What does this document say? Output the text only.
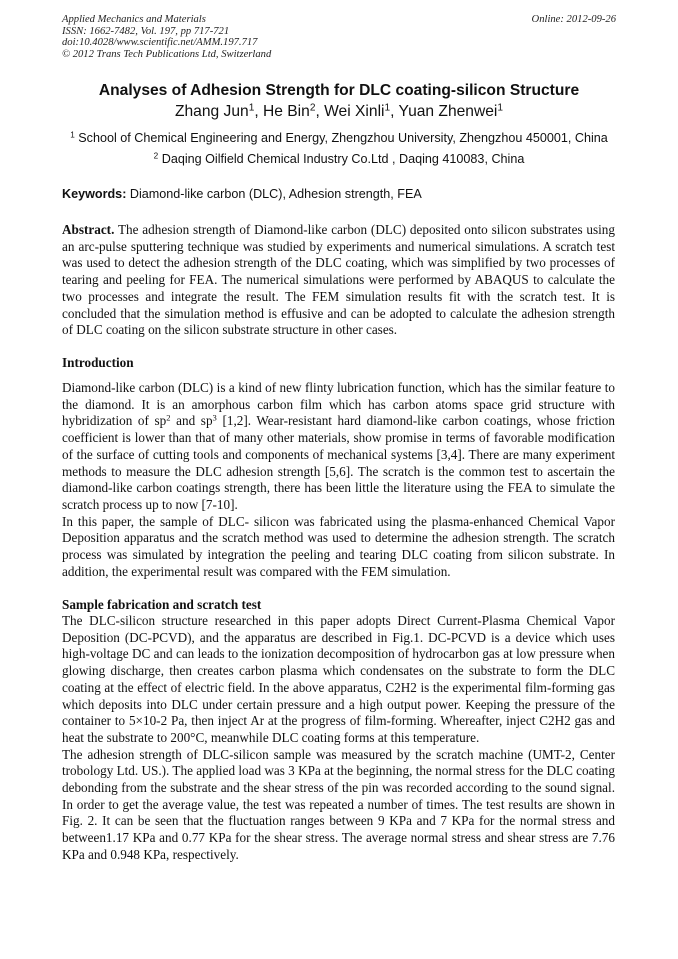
Applied Mechanics and Materials
ISSN: 1662-7482, Vol. 197, pp 717-721
doi:10.4028/www.scientific.net/AMM.197.717
© 2012 Trans Tech Publications Ltd, Switzerland
Online: 2012-09-26
Analyses of Adhesion Strength for DLC coating-silicon Structure
Zhang Jun$^1$, He Bin$^2$, Wei Xinli$^1$, Yuan Zhenwei$^1$
$^1$ School of Chemical Engineering and Energy, Zhengzhou University, Zhengzhou 450001, China
$^2$ Daqing Oilfield Chemical Industry Co.Ltd , Daqing 410083, China
Keywords: Diamond-like carbon (DLC), Adhesion strength, FEA
Abstract. The adhesion strength of Diamond-like carbon (DLC) deposited onto silicon substrates using an arc-pulse sputtering technique was studied by experiments and numerical simulations. A scratch test was used to detect the adhesion strength of the DLC coating, which was simplified by two processes of tearing and peeling for FEA. The numerical simulations were performed by ABAQUS to calculate the two processes and integrate the result. The FEM simulation results fit with the scratch test. It is concluded that the simulation method is effusive and can be adopted to calculate the adhesion strength of DLC coating on the silicon substrate structure in other cases.
Introduction

Diamond-like carbon (DLC) is a kind of new flinty lubrication function, which has the similar feature to the diamond. It is an amorphous carbon film which has carbon atoms space grid structure with hybridization of $sp^2$ and $sp^3$ [1,2]. Wear-resistant hard diamond-like carbon coatings, whose friction coefficient is lower than that of many other materials, show promise in terms of favorable modification of the surface of cutting tools and components of mechanical systems [3,4]. There are many experiment methods to measure the DLC adhesion strength [5,6]. The scratch is the common test to ascertain the diamond-like carbon coatings strength, there has been little the literature using the FEA to simulate the scratch process up to now [7-10].

In this paper, the sample of DLC- silicon was fabricated using the plasma-enhanced Chemical Vapor Deposition apparatus and the scratch method was used to determine the adhesion strength. The scratch process was simulated by integration the peeling and tearing DLC coating from silicon substrate. In addition, the experimental result was compared with the FEM simulation.

Sample fabrication and scratch test

The DLC-silicon structure researched in this paper adopts Direct Current-Plasma Chemical Vapor Deposition (DC-PCVD), and the apparatus are described in Fig.1. DC-PCVD is a device which uses high-voltage DC and can leads to the ionization decomposition of hydrocarbon gas at low pressure when glowing discharge, then creates carbon plasma which condensates on the substrate to form the DLC coating at the effect of electric field. In the above apparatus, C2H2 is the experimental film-forming gas which deposits into DLC under certain pressure and a high output power. Keeping the pressure of the container to 5×10-2 Pa, then inject Ar at the progress of film-forming. Whereafter, inject C2H2 gas and heat the substrate to 200°C, meanwhile DLC coating forms at this temperature.

The adhesion strength of DLC-silicon sample was measured by the scratch machine (UMT-2, Center trobology Ltd. US.). The applied load was 3 KPa at the beginning, the normal stress for the DLC coating debonding from the substrate and the shear stress of the pin was recorded according to the sound signal. In order to get the average value, the test was repeated a number of times. The test results are shown in Fig. 2. It can be seen that the fluctuation ranges between 9 KPa and 7 KPa for the normal stress and between1.17 KPa and 0.77 KPa for the shear stress. The average normal stress and shear stress are 7.76 KPa and 0.948 KPa, respectively.
